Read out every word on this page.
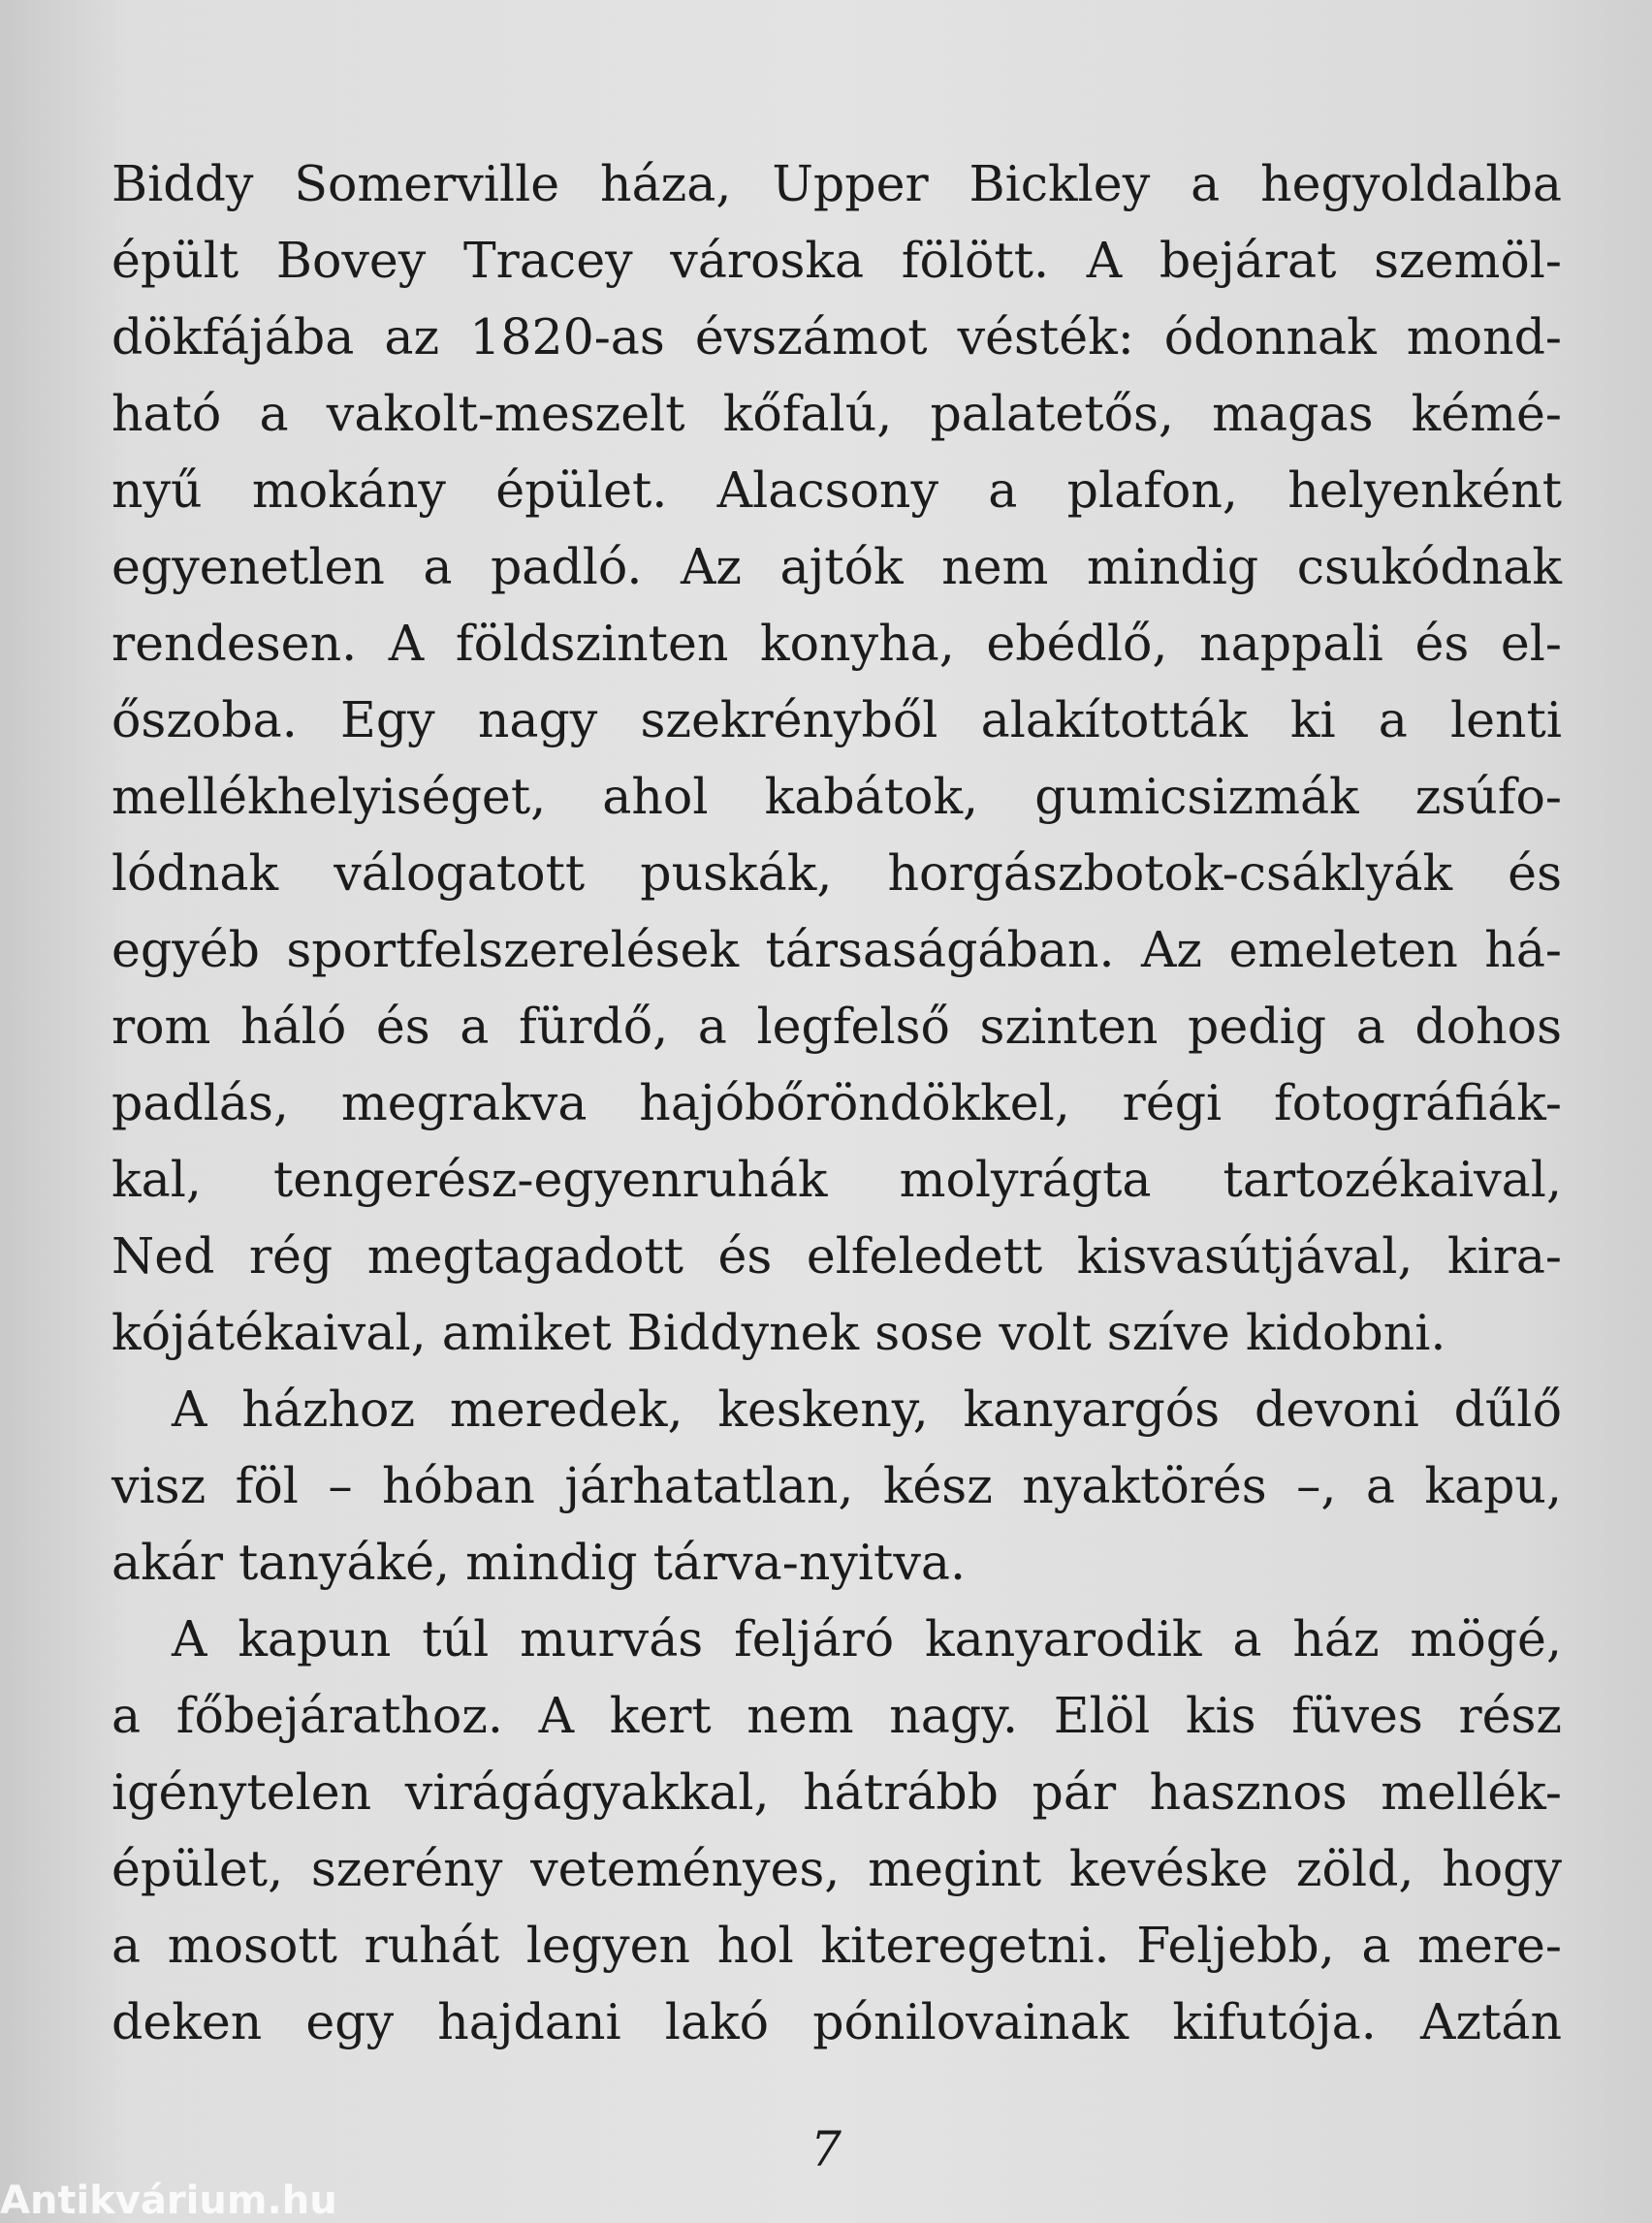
Biddy Somerville háza, Upper Bickley a hegyoldalba
épült Bovey Tracey városka fölött. A bejárat szemöl-
dökfájába az 1820-as évszámot vésték: ódonnak mond-
ható a vakolt-meszelt kőfalú, palatetős, magas kémé-
nyű mokány épület. Alacsony a plafon, helyenként
egyenetlen a padló. Az ajtók nem mindig csukódnak
rendesen. A földszinten konyha, ebédlő, nappali és el-
őszoba. Egy nagy szekrényből alakították ki a lenti
mellékhelyiséget, ahol kabátok, gumicsizmák zsúfo-
lódnak válogatott puskák, horgászbotok-csáklyák és
egyéb sportfelszerelések társaságában. Az emeleten há-
rom háló és a fürdő, a legfelső szinten pedig a dohos
padlás, megrakva hajóbőröndökkel, régi fotográfiák-
kal, tengerész-egyenruhák molyrágta tartozékaival,
Ned rég megtagadott és elfeledett kisvasútjával, kira-
kójátékaival, amiket Biddynek sose volt szíve kidobni.
A házhoz meredek, keskeny, kanyargós devoni dűlő
visz föl – hóban járhatatlan, kész nyaktörés –, a kapu,
akár tanyáké, mindig tárva-nyitva.
A kapun túl murvás feljáró kanyarodik a ház mögé,
a főbejárathoz. A kert nem nagy. Elöl kis füves rész
igénytelen virágágyakkal, hátrább pár hasznos mellék-
épület, szerény veteményes, megint kevéske zöld, hogy
a mosott ruhát legyen hol kiteregetni. Feljebb, a mere-
deken egy hajdani lakó pónilovainak kifutója. Aztán
7
Antikvárium.hu
